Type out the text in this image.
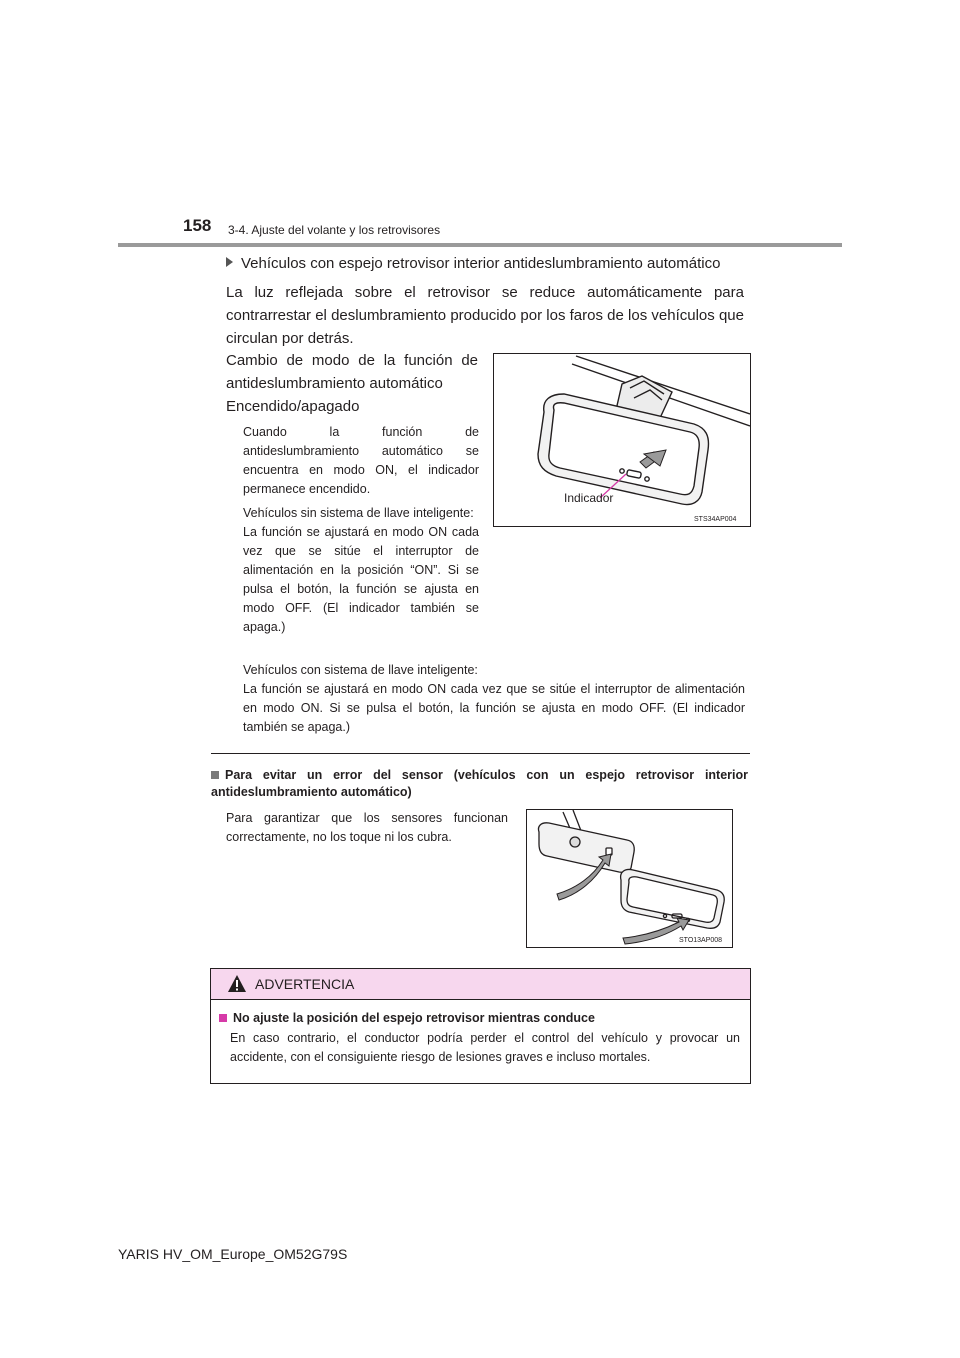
158 3-4. Ajuste del volante y los retrovisores
Vehículos con espejo retrovisor interior antideslumbramiento automático
La luz reflejada sobre el retrovisor se reduce automáticamente para contrarrestar el deslumbramiento producido por los faros de los vehículos que circulan por detrás.
Cambio de modo de la función de antideslumbramiento automático
Encendido/apagado
Cuando la función de antideslumbramiento automático se encuentra en modo ON, el indicador permanece encendido.
Vehículos sin sistema de llave inteligente:
La función se ajustará en modo ON cada vez que se sitúe el interruptor de alimentación en la posición “ON”. Si se pulsa el botón, la función se ajusta en modo OFF. (El indicador también se apaga.)
Vehículos con sistema de llave inteligente:
La función se ajustará en modo ON cada vez que se sitúe el interruptor de alimentación en modo ON. Si se pulsa el botón, la función se ajusta en modo OFF. (El indicador también se apaga.)
Indicador
STS34AP004
Para evitar un error del sensor (vehículos con un espejo retrovisor interior antideslumbramiento automático)
Para garantizar que los sensores funcionan correctamente, no los toque ni los cubra.
STO13AP008
ADVERTENCIA
No ajuste la posición del espejo retrovisor mientras conduce
En caso contrario, el conductor podría perder el control del vehículo y provocar un accidente, con el consiguiente riesgo de lesiones graves e incluso mortales.
YARIS HV_OM_Europe_OM52G79S
